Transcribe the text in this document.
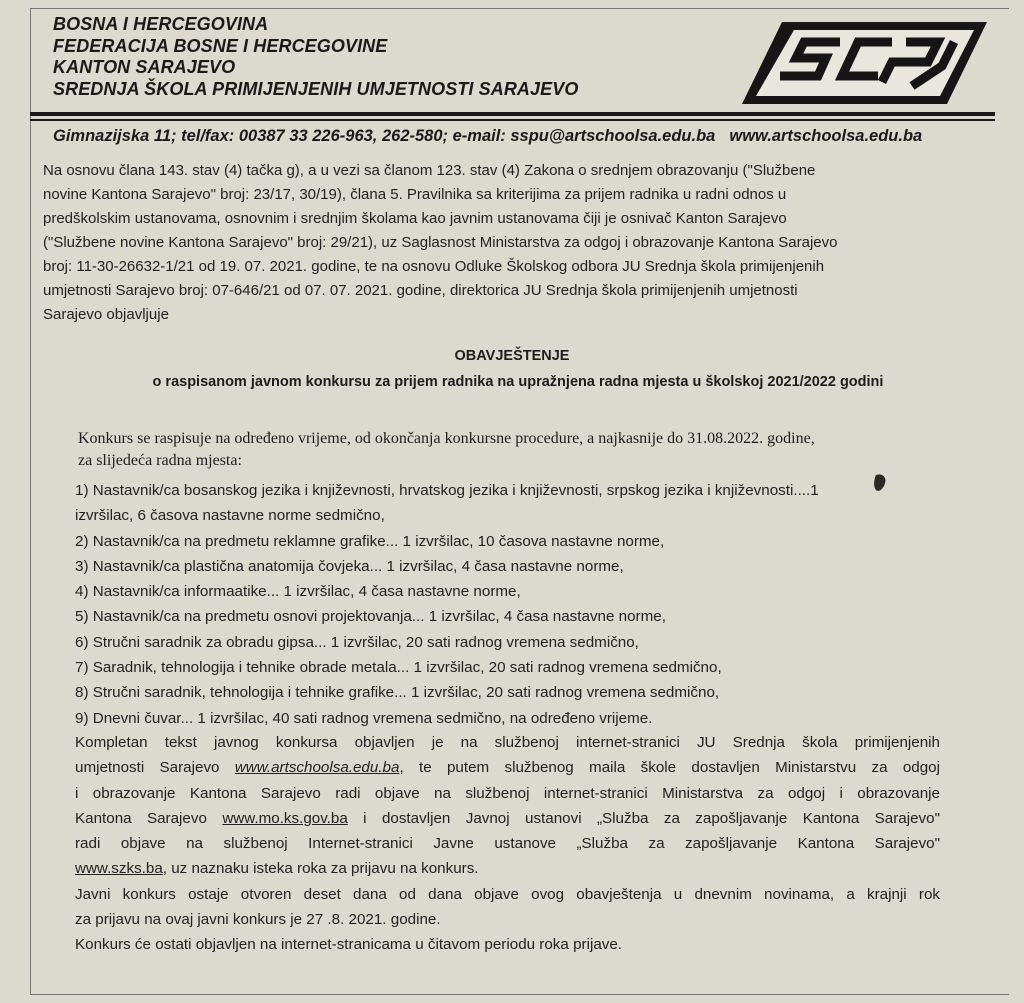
BOSNA I HERCEGOVINA
FEDERACIJA BOSNE I HERCEGOVINE
KANTON SARAJEVO
SREDNJA ŠKOLA PRIMIJENJENIH UMJETNOSTI SARAJEVO
Gimnazijska 11; tel/fax: 00387 33 226-963, 262-580; e-mail: sspu@artschoolsa.edu.ba www.artschoolsa.edu.ba
Na osnovu člana 143. stav (4) tačka g), a u vezi sa članom 123. stav (4) Zakona o srednjem obrazovanju ("Službene
novine Kantona Sarajevo" broj: 23/17, 30/19), člana 5. Pravilnika sa kriterijima za prijem radnika u radni odnos u
predškolskim ustanovama, osnovnim i srednjim školama kao javnim ustanovama čiji je osnivač Kanton Sarajevo
("Službene novine Kantona Sarajevo" broj: 29/21), uz Saglasnost Ministarstva za odgoj i obrazovanje Kantona Sarajevo
broj: 11-30-26632-1/21 od 19. 07. 2021. godine, te na osnovu Odluke Školskog odbora JU Srednja škola primijenjenih
umjetnosti Sarajevo broj: 07-646/21 od 07. 07. 2021. godine, direktorica JU Srednja škola primijenjenih umjetnosti
Sarajevo objavljuje
OBAVJEŠTENJE
o raspisanom javnom konkursu za prijem radnika na upražnjena radna mjesta u školskoj 2021/2022 godini
Konkurs se raspisuje na određeno vrijeme, od okončanja konkursne procedure, a najkasnije do 31.08.2022. godine,
za slijedeća radna mjesta:
1) Nastavnik/ca bosanskog jezika i književnosti, hrvatskog jezika i književnosti, srpskog jezika i književnosti....1
izvršilac, 6 časova nastavne norme sedmično,
2) Nastavnik/ca na predmetu reklamne grafike... 1 izvršilac, 10 časova nastavne norme,
3) Nastavnik/ca plastična anatomija čovjeka... 1 izvršilac, 4 časa nastavne norme,
4) Nastavnik/ca informaatike... 1 izvršilac, 4 časa nastavne norme,
5) Nastavnik/ca na predmetu osnovi projektovanja... 1 izvršilac, 4 časa nastavne norme,
6) Stručni saradnik za obradu gipsa... 1 izvršilac, 20 sati radnog vremena sedmično,
7) Saradnik, tehnologija i tehnike obrade metala... 1 izvršilac, 20 sati radnog vremena sedmično,
8) Stručni saradnik, tehnologija i tehnike grafike... 1 izvršilac, 20 sati radnog vremena sedmično,
9) Dnevni čuvar... 1 izvršilac, 40 sati radnog vremena sedmično, na određeno vrijeme.
Kompletan tekst javnog konkursa objavljen je na službenoj internet-stranici JU Srednja škola primijenjenih
umjetnosti Sarajevo www.artschoolsa.edu.ba, te putem službenog maila škole dostavljen Ministarstvu za odgoj
i obrazovanje Kantona Sarajevo radi objave na službenoj internet-stranici Ministarstva za odgoj i obrazovanje
Kantona Sarajevo www.mo.ks.gov.ba i dostavljen Javnoj ustanovi „Služba za zapošljavanje Kantona Sarajevo"
radi objave na službenoj Internet-stranici Javne ustanove „Služba za zapošljavanje Kantona Sarajevo"
www.szks.ba, uz naznaku isteka roka za prijavu na konkurs.
Javni konkurs ostaje otvoren deset dana od dana objave ovog obavještenja u dnevnim novinama, a krajnji rok
za prijavu na ovaj javni konkurs je 27 .8. 2021. godine.
Konkurs će ostati objavljen na internet-stranicama u čitavom periodu roka prijave.
